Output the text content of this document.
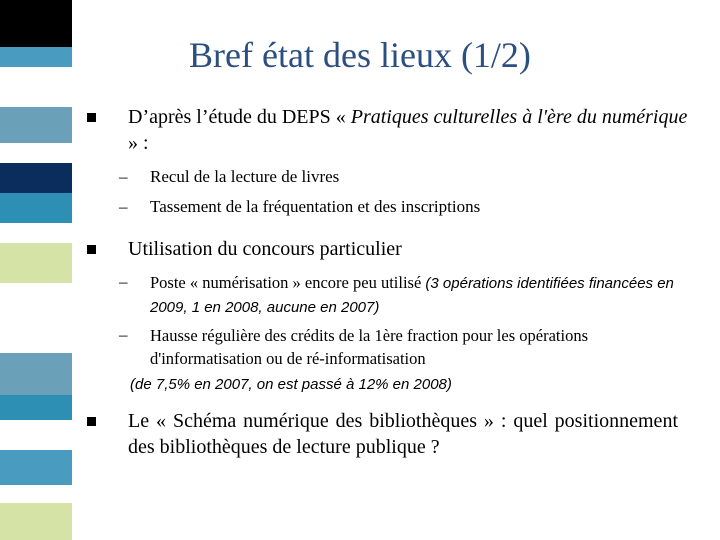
Bref état des lieux (1/2)
D’après l’étude du DEPS « Pratiques culturelles à l'ère du numérique » :
– Recul de la lecture de livres
– Tassement de la fréquentation et des inscriptions
Utilisation du concours particulier
– Poste « numérisation » encore peu utilisé (3 opérations identifiées financées en 2009, 1 en 2008, aucune en 2007)
– Hausse régulière des crédits de la 1ère fraction pour les opérations d'informatisation ou de ré-informatisation
(de 7,5% en 2007, on est passé à 12% en 2008)
Le « Schéma numérique des bibliothèques » : quel positionnement des bibliothèques de lecture publique ?
